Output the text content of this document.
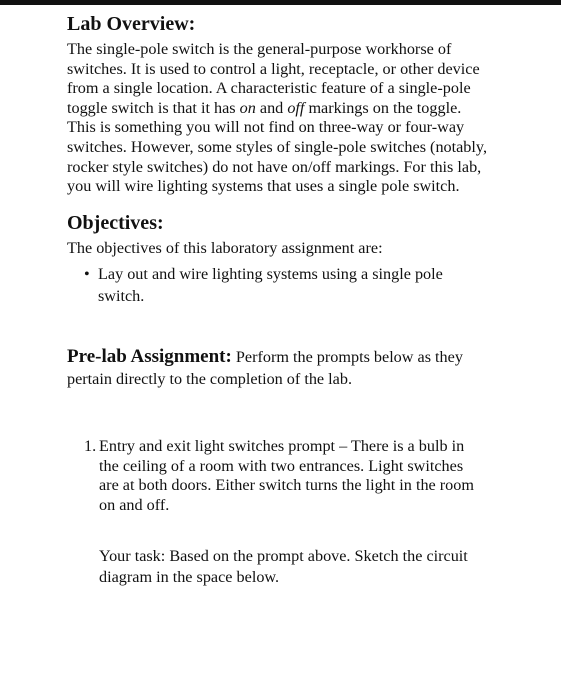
Lab Overview:
The single-pole switch is the general-purpose workhorse of
switches. It is used to control a light, receptacle, or other device
from a single location. A characteristic feature of a single-pole
toggle switch is that it has on and off markings on the toggle.
This is something you will not find on three-way or four-way
switches. However, some styles of single-pole switches (notably,
rocker style switches) do not have on/off markings. For this lab,
you will wire lighting systems that uses a single pole switch.
Objectives:
The objectives of this laboratory assignment are:
• Lay out and wire lighting systems using a single pole
switch.
Pre-lab Assignment: Perform the prompts below as they
pertain directly to the completion of the lab.
1. Entry and exit light switches prompt – There is a bulb in
the ceiling of a room with two entrances. Light switches
are at both doors. Either switch turns the light in the room
on and off.
Your task: Based on the prompt above. Sketch the circuit
diagram in the space below.
